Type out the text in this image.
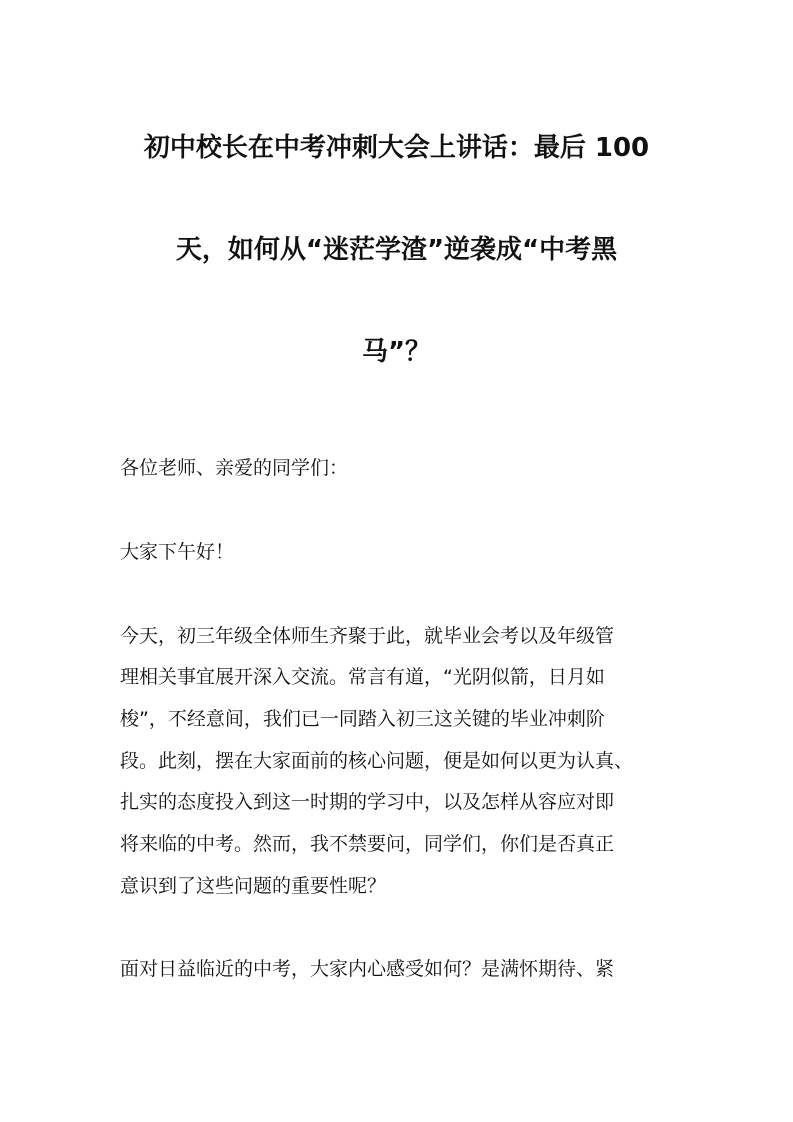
初中校长在中考冲刺大会上讲话：最后 100
天，如何从“迷茫学渣”逆袭成“中考黑
马”？
各位老师、亲爱的同学们：
大家下午好！
今天，初三年级全体师生齐聚于此，就毕业会考以及年级管
理相关事宜展开深入交流。常言有道，“光阴似箭，日月如
梭”，不经意间，我们已一同踏入初三这关键的毕业冲刺阶
段。此刻，摆在大家面前的核心问题，便是如何以更为认真、
扎实的态度投入到这一时期的学习中，以及怎样从容应对即
将来临的中考。然而，我不禁要问，同学们，你们是否真正
意识到了这些问题的重要性呢？
面对日益临近的中考，大家内心感受如何？是满怀期待、紧
